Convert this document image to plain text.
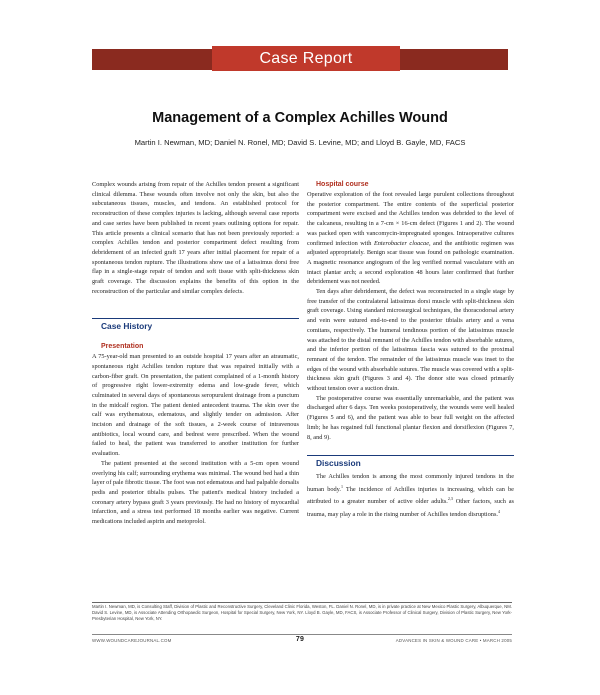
Case Report
Management of a Complex Achilles Wound
Martin I. Newman, MD; Daniel N. Ronel, MD; David S. Levine, MD; and Lloyd B. Gayle, MD, FACS

Complex wounds arising from repair of the Achilles tendon present a significant clinical dilemma. These wounds often involve not only the skin, but also the subcutaneous tissues, muscles, and tendons. An established protocol for reconstruction of these complex injuries is lacking, although several case reports and case series have been published in recent years outlining options for repair. This article presents a clinical scenario that has not been previously reported: a complex Achilles tendon and posterior compartment defect resulting from debridement of an infected graft 17 years after initial placement for repair of a spontaneous tendon rupture. The illustrations show use of a latissimus dorsi free flap in a single-stage repair of tendon and soft tissue with split-thickness skin graft coverage. The discussion explains the benefits of this option in the reconstruction of the particular and similar complex defects.

Case History

Presentation

A 75-year-old man presented to an outside hospital 17 years after an atraumatic, spontaneous right Achilles tendon rupture that was repaired initially with a carbon-fiber graft. On presentation, the patient complained of a 1-month history of progressive right lower-extremity edema and low-grade fever, which culminated in several days of spontaneous seropurulent drainage from a punctum in the midcalf region. The patient denied antecedent trauma. The skin over the calf was erythematous, edematous, and slightly tender on admission. After incision and drainage of the soft tissues, a 2-week course of intravenous antibiotics, local wound care, and bedrest were prescribed. When the wound failed to heal, the patient was transferred to another institution for further evaluation.

The patient presented at the second institution with a 5-cm open wound overlying his calf; surrounding erythema was minimal. The wound bed had a thin layer of pale fibrotic tissue. The foot was not edematous and had palpable dorsalis pedis and posterior tibialis pulses. The patient's medical history included a coronary artery bypass graft 3 years previously. He had no history of myocardial infarction, and a stress test performed 18 months earlier was negative. Current medications included aspirin and metoprolol.

Hospital course

Operative exploration of the foot revealed large purulent collections throughout the posterior compartment. The entire contents of the superficial posterior compartment were excised and the Achilles tendon was debrided to the level of the calcaneus, resulting in a 7-cm × 16-cm defect (Figures 1 and 2). The wound was packed open with vancomycin-impregnated sponges. Intraoperative cultures confirmed infection with Enterobacter cloacae, and the antibiotic regimen was adjusted appropriately. Benign scar tissue was found on pathologic examination. A magnetic resonance angiogram of the leg verified normal vasculature with an intact plantar arch; a second exploration 48 hours later confirmed that further debridement was not needed.

Ten days after debridement, the defect was reconstructed in a single stage by free transfer of the contralateral latissimus dorsi muscle with split-thickness skin graft coverage. Using standard microsurgical techniques, the thoracodorsal artery and vein were sutured end-to-end to the posterior tibialis artery and a vena comitans, respectively. The humeral tendinous portion of the latissimus muscle was attached to the distal remnant of the Achilles tendon with absorbable sutures, and the inferior portion of the latissimus fascia was sutured to the proximal remnant of the tendon. The remainder of the latissimus muscle was inset to the edges of the wound with absorbable sutures. The muscle was covered with a split-thickness skin graft (Figures 3 and 4). The donor site was closed primarily without tension over a suction drain.

The postoperative course was essentially unremarkable, and the patient was discharged after 6 days. Ten weeks postoperatively, the wounds were well healed (Figures 5 and 6), and the patient was able to bear full weight on the affected limb; he has regained full functional plantar flexion and dorsiflexion (Figures 7, 8, and 9).

Discussion

The Achilles tendon is among the most commonly injured tendons in the human body.$^1$ The incidence of Achilles injuries is increasing, which can be attributed to a greater number of active older adults.$^{2,3}$ Other factors, such as trauma, may play a role in the rising number of Achilles tendon disruptions.$^4$

Martin I. Newman, MD, is Consulting Staff, Division of Plastic and Reconstructive Surgery, Cleveland Clinic Florida, Weston, FL. Daniel N. Ronel, MD, is in private practice at New Mexico Plastic Surgery, Albuquerque, NM. David S. Levine, MD, is Associate Attending Orthopaedic Surgeon, Hospital for Special Surgery, New York, NY. Lloyd B. Gayle, MD, FACS, is Associate Professor of Clinical Surgery, Division of Plastic Surgery, New York-Presbyterian Hospital, New York, NY.
WWW.WOUNDCAREJOURNAL.COM	79	ADVANCES IN SKIN & WOUND CARE • MARCH 2005
